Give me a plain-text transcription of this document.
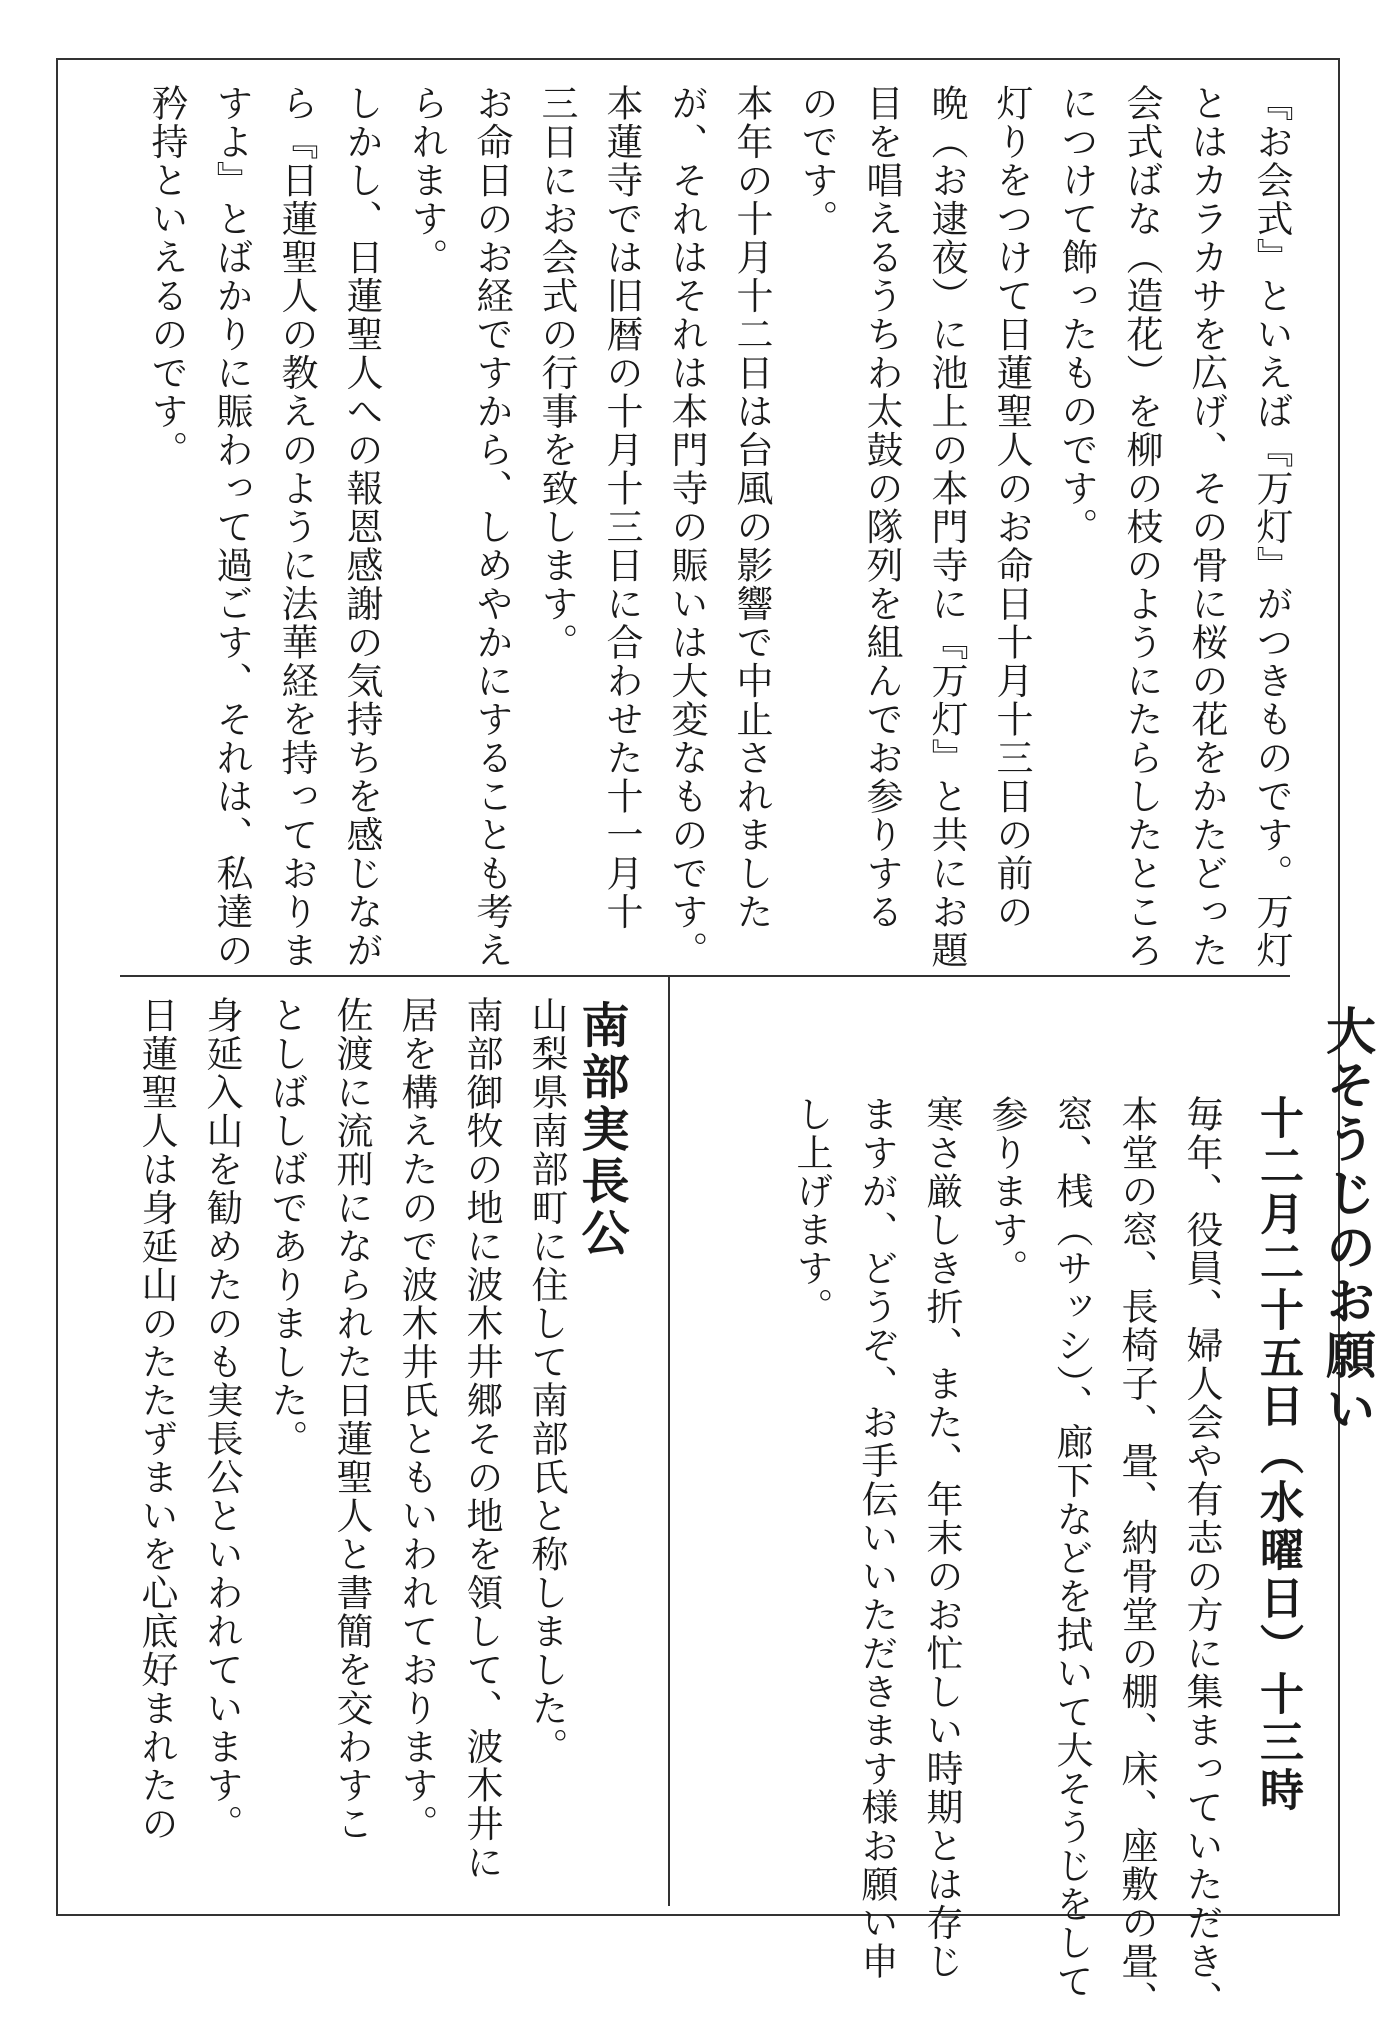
『お会式』といえば『万灯』がつきものです。万灯
とはカラカサを広げ、その骨に桜の花をかたどった
会式ばな（造花）を柳の枝のようにたらしたところ
につけて飾ったものです。
灯りをつけて日蓮聖人のお命日十月十三日の前の
晩（お逮夜）に池上の本門寺に『万灯』と共にお題
目を唱えるうちわ太鼓の隊列を組んでお参りする
のです。
本年の十月十二日は台風の影響で中止されました
が、それはそれは本門寺の賑いは大変なものです。
本蓮寺では旧暦の十月十三日に合わせた十一月十
三日にお会式の行事を致します。
お命日のお経ですから、しめやかにすることも考え
られます。
しかし、日蓮聖人への報恩感謝の気持ちを感じなが
ら『日蓮聖人の教えのように法華経を持っておりま
すよ』とばかりに賑わって過ごす、それは、私達の
矜持といえるのです。
大そうじのお願い
十二月二十五日（水曜日）十三時
毎年、役員、婦人会や有志の方に集まっていただき、
本堂の窓、長椅子、畳、納骨堂の棚、床、座敷の畳、
窓、桟（サッシ）、廊下などを拭いて大そうじをして
参ります。
寒さ厳しき折、また、年末のお忙しい時期とは存じ
ますが、どうぞ、お手伝いいただきます様お願い申
し上げます。
南部実長公
山梨県南部町に住して南部氏と称しました。
南部御牧の地に波木井郷その地を領して、波木井に
居を構えたので波木井氏ともいわれております。
佐渡に流刑になられた日蓮聖人と書簡を交わすこ
としばしばでありました。
身延入山を勧めたのも実長公といわれています。
日蓮聖人は身延山のたたずまいを心底好まれたの
